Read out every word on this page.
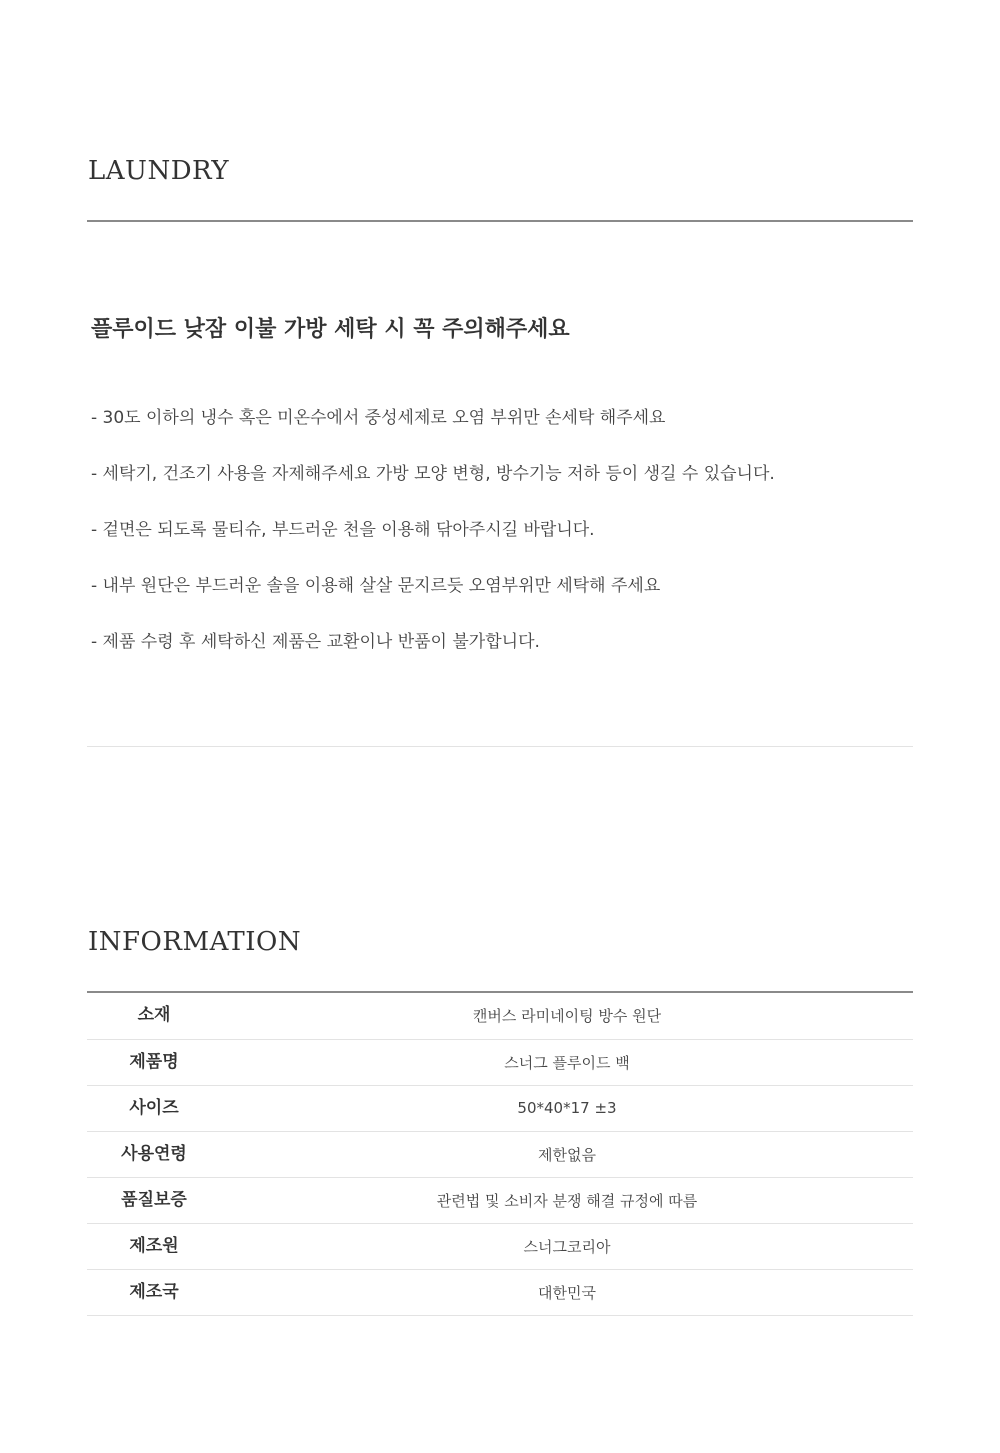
LAUNDRY
플루이드 낮잠 이불 가방 세탁 시 꼭 주의해주세요
- 30도 이하의 냉수 혹은 미온수에서 중성세제로 오염 부위만 손세탁 해주세요
- 세탁기, 건조기 사용을 자제해주세요 가방 모양 변형, 방수기능 저하 등이 생길 수 있습니다.
- 겉면은 되도록 물티슈, 부드러운 천을 이용해 닦아주시길 바랍니다.
- 내부 원단은 부드러운 솔을 이용해 살살 문지르듯 오염부위만 세탁해 주세요
- 제품 수령 후 세탁하신 제품은 교환이나 반품이 불가합니다.
INFORMATION
소재	캔버스 라미네이팅 방수 원단
제품명	스너그 플루이드 백
사이즈	50*40*17 ±3
사용연령	제한없음
품질보증	관련법 및 소비자 분쟁 해결 규정에 따름
제조원	스너그코리아
제조국	대한민국
